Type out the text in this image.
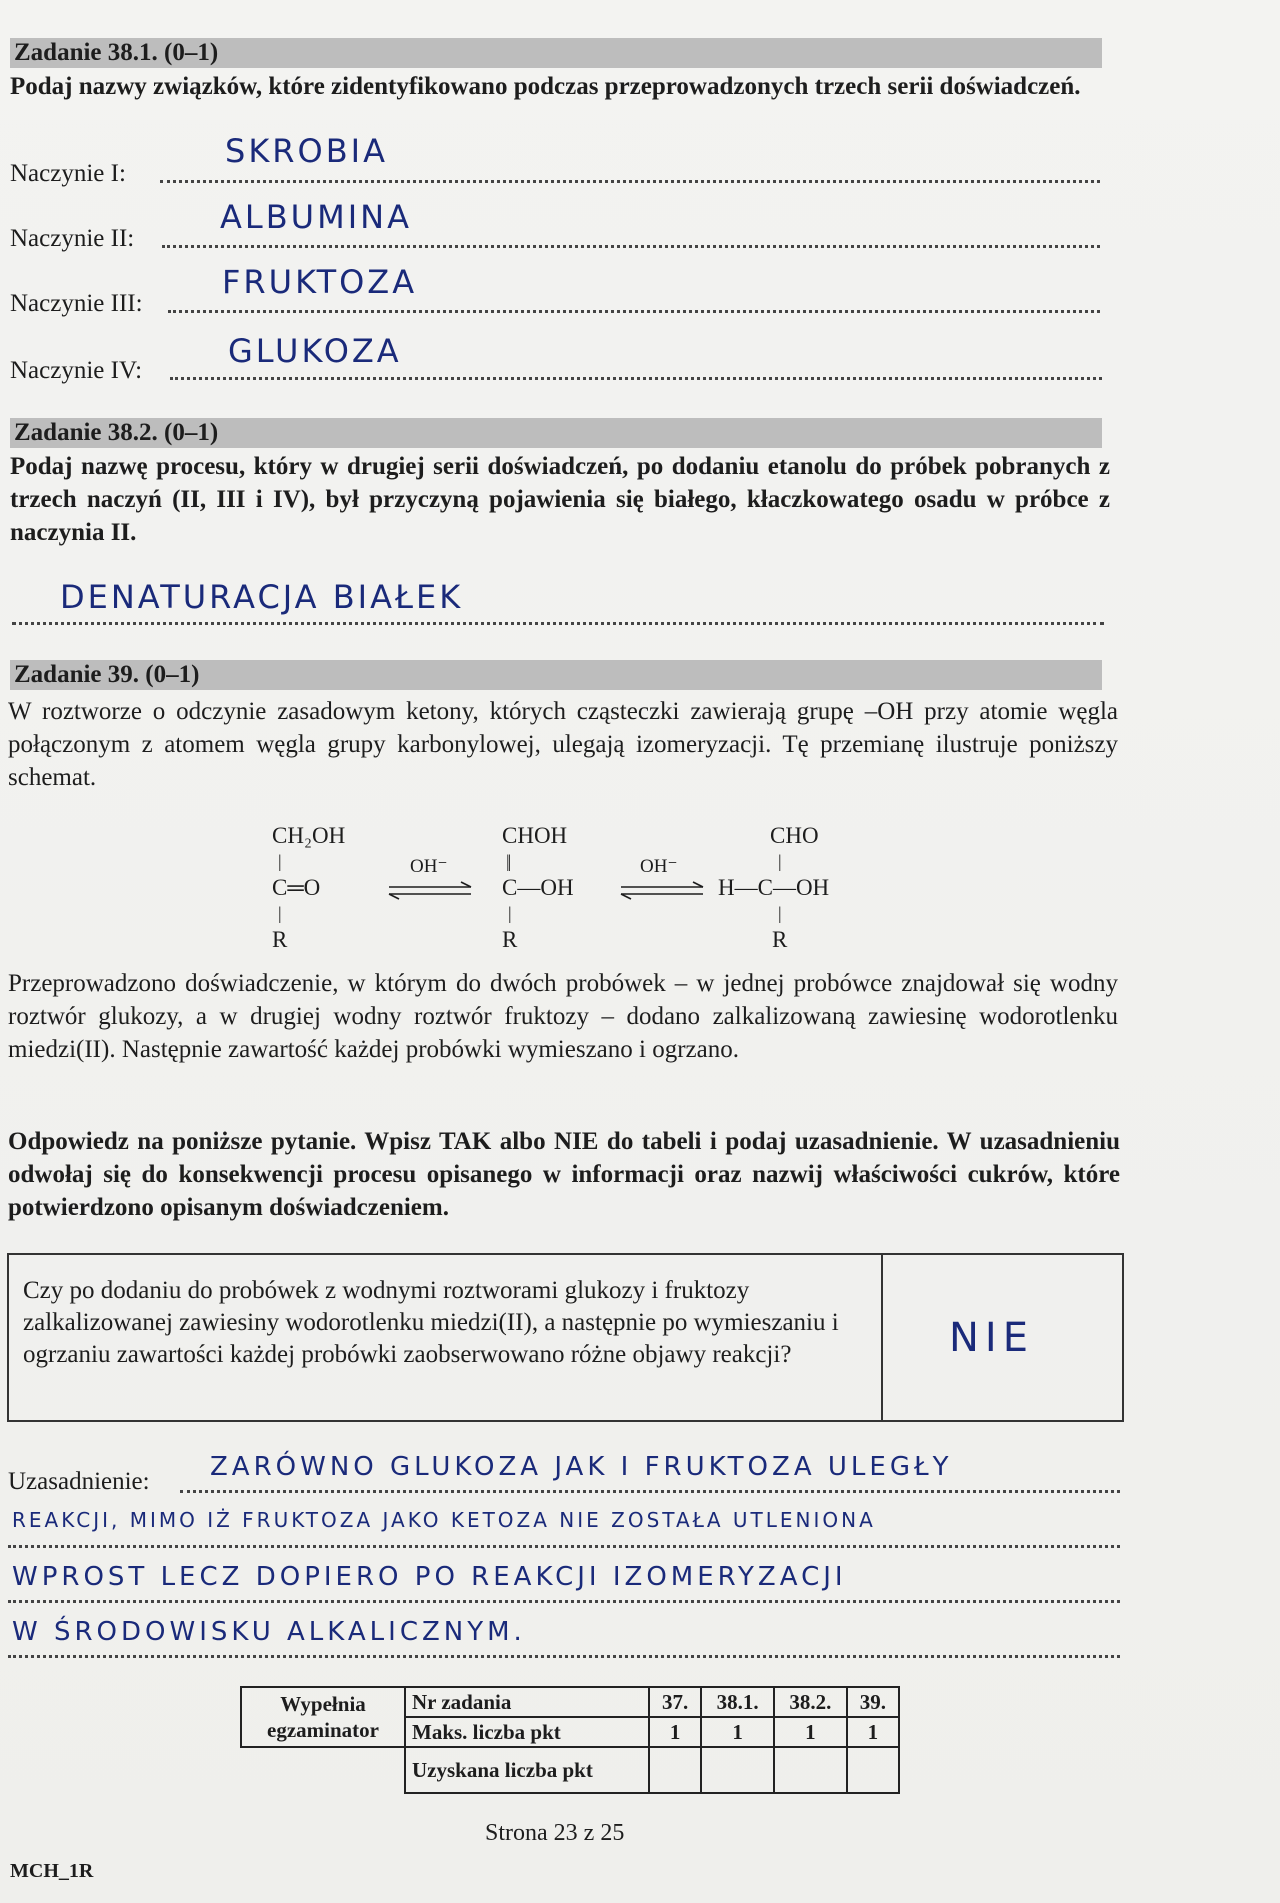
Zadanie 38.1. (0–1)
Podaj nazwy związków, które zidentyfikowano podczas przeprowadzonych trzech serii doświadczeń.
Naczynie I:
SKROBIA
Naczynie II:
ALBUMINA
Naczynie III:
FRUKTOZA
Naczynie IV:
GLUKOZA
Zadanie 38.2. (0–1)
Podaj nazwę procesu, który w drugiej serii doświadczeń, po dodaniu etanolu do próbek pobranych z trzech naczyń (II, III i IV), był przyczyną pojawienia się białego, kłaczkowatego osadu w próbce z naczynia II.
DENATURACJA BIAŁEK
Zadanie 39. (0–1)
W roztworze o odczynie zasadowym ketony, których cząsteczki zawierają grupę –OH przy atomie węgla połączonym z atomem węgla grupy karbonylowej, ulegają izomeryzacji. Tę przemianę ilustruje poniższy schemat.
CH₂OH
|
C═O
|
R
OH⁻
CHOH
||
C—OH
|
R
OH⁻
CHO
|
H—C—OH
|
R
Przeprowadzono doświadczenie, w którym do dwóch probówek – w jednej probówce znajdował się wodny roztwór glukozy, a w drugiej wodny roztwór fruktozy – dodano zalkalizowaną zawiesinę wodorotlenku miedzi(II). Następnie zawartość każdej probówki wymieszano i ogrzano.
Odpowiedz na poniższe pytanie. Wpisz TAK albo NIE do tabeli i podaj uzasadnienie. W uzasadnieniu odwołaj się do konsekwencji procesu opisanego w informacji oraz nazwij właściwości cukrów, które potwierdzono opisanym doświadczeniem.
Czy po dodaniu do probówek z wodnymi roztworami glukozy i fruktozy zalkalizowanej zawiesiny wodorotlenku miedzi(II), a następnie po wymieszaniu i ogrzaniu zawartości każdej probówki zaobserwowano różne objawy reakcji?	NIE
Uzasadnienie: ZARÓWNO GLUKOZA JAK I FRUKTOZA ULEGŁY
REAKCJI, MIMO IŻ FRUKTOZA JAKO KETOZA NIE ZOSTAŁA UTLENIONA
WPROST LECZ DOPIERO PO REAKCJI IZOMERYZACJI
W ŚRODOWISKU ALKALICZNYM.
Wypełnia egzaminator	Nr zadania	37.	38.1.	38.2.	39.
	Maks. liczba pkt	1	1	1	1
	Uzyskana liczba pkt				
Strona 23 z 25
MCH_1R
